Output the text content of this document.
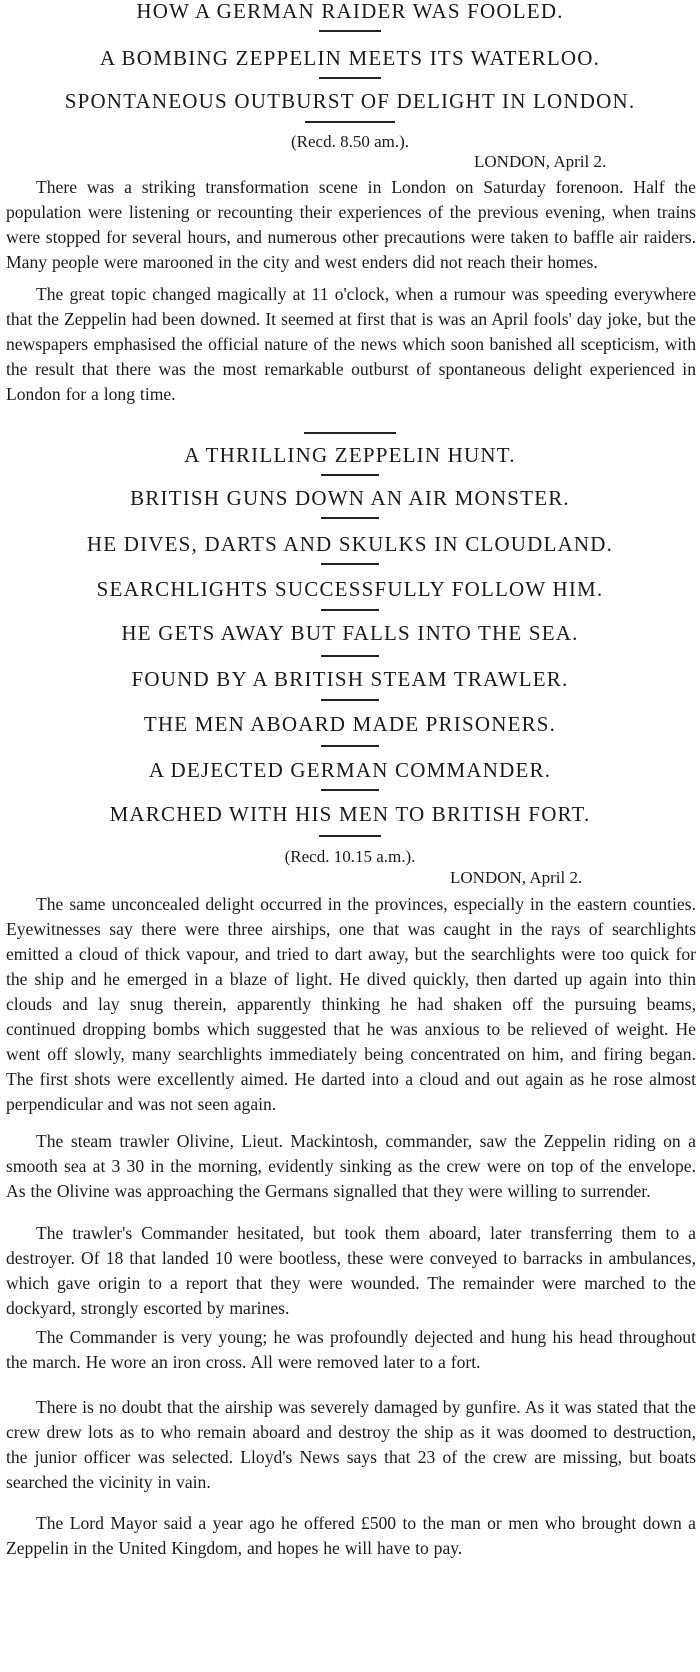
HOW A GERMAN RAIDER WAS FOOLED.
A BOMBING ZEPPELIN MEETS ITS WATERLOO.
SPONTANEOUS OUTBURST OF DELIGHT IN LONDON.
(Recd. 8.50 am.).
LONDON, April 2.

There was a striking transformation scene in London on Saturday forenoon. Half the population were listening or recounting their experiences of the previous evening, when trains were stopped for several hours, and numerous other precautions were taken to baffle air raiders. Many people were marooned in the city and west enders did not reach their homes.

The great topic changed magically at 11 o'clock, when a rumour was speeding everywhere that the Zeppelin had been downed. It seemed at first that is was an April fools' day joke, but the newspapers emphasised the official nature of the news which soon banished all scepticism, with the result that there was the most remarkable outburst of spontaneous delight experienced in London for a long time.

A THRILLING ZEPPELIN HUNT.
BRITISH GUNS DOWN AN AIR MONSTER.
HE DIVES, DARTS AND SKULKS IN CLOUDLAND.
SEARCHLIGHTS SUCCESSFULLY FOLLOW HIM.
HE GETS AWAY BUT FALLS INTO THE SEA.
FOUND BY A BRITISH STEAM TRAWLER.
THE MEN ABOARD MADE PRISONERS.
A DEJECTED GERMAN COMMANDER.
MARCHED WITH HIS MEN TO BRITISH FORT.
(Recd. 10.15 a.m.).
LONDON, April 2.

The same unconcealed delight occurred in the provinces, especially in the eastern counties. Eyewitnesses say there were three airships, one that was caught in the rays of searchlights emitted a cloud of thick vapour, and tried to dart away, but the searchlights were too quick for the ship and he emerged in a blaze of light. He dived quickly, then darted up again into thin clouds and lay snug therein, apparently thinking he had shaken off the pursuing beams, continued dropping bombs which suggested that he was anxious to be relieved of weight. He went off slowly, many searchlights immediately being concentrated on him, and firing began. The first shots were excellently aimed. He darted into a cloud and out again as he rose almost perpendicular and was not seen again.

The steam trawler Olivine, Lieut. Mackintosh, commander, saw the Zeppelin riding on a smooth sea at 3 30 in the morning, evidently sinking as the crew were on top of the envelope. As the Olivine was approaching the Germans signalled that they were willing to surrender.

The trawler's Commander hesitated, but took them aboard, later transferring them to a destroyer. Of 18 that landed 10 were bootless, these were conveyed to barracks in ambulances, which gave origin to a report that they were wounded. The remainder were marched to the dockyard, strongly escorted by marines.

The Commander is very young; he was profoundly dejected and hung his head throughout the march. He wore an iron cross. All were removed later to a fort.

There is no doubt that the airship was severely damaged by gunfire. As it was stated that the crew drew lots as to who remain aboard and destroy the ship as it was doomed to destruction, the junior officer was selected. Lloyd's News says that 23 of the crew are missing, but boats searched the vicinity in vain.

The Lord Mayor said a year ago he offered £500 to the man or men who brought down a Zeppelin in the United Kingdom, and hopes he will have to pay.
